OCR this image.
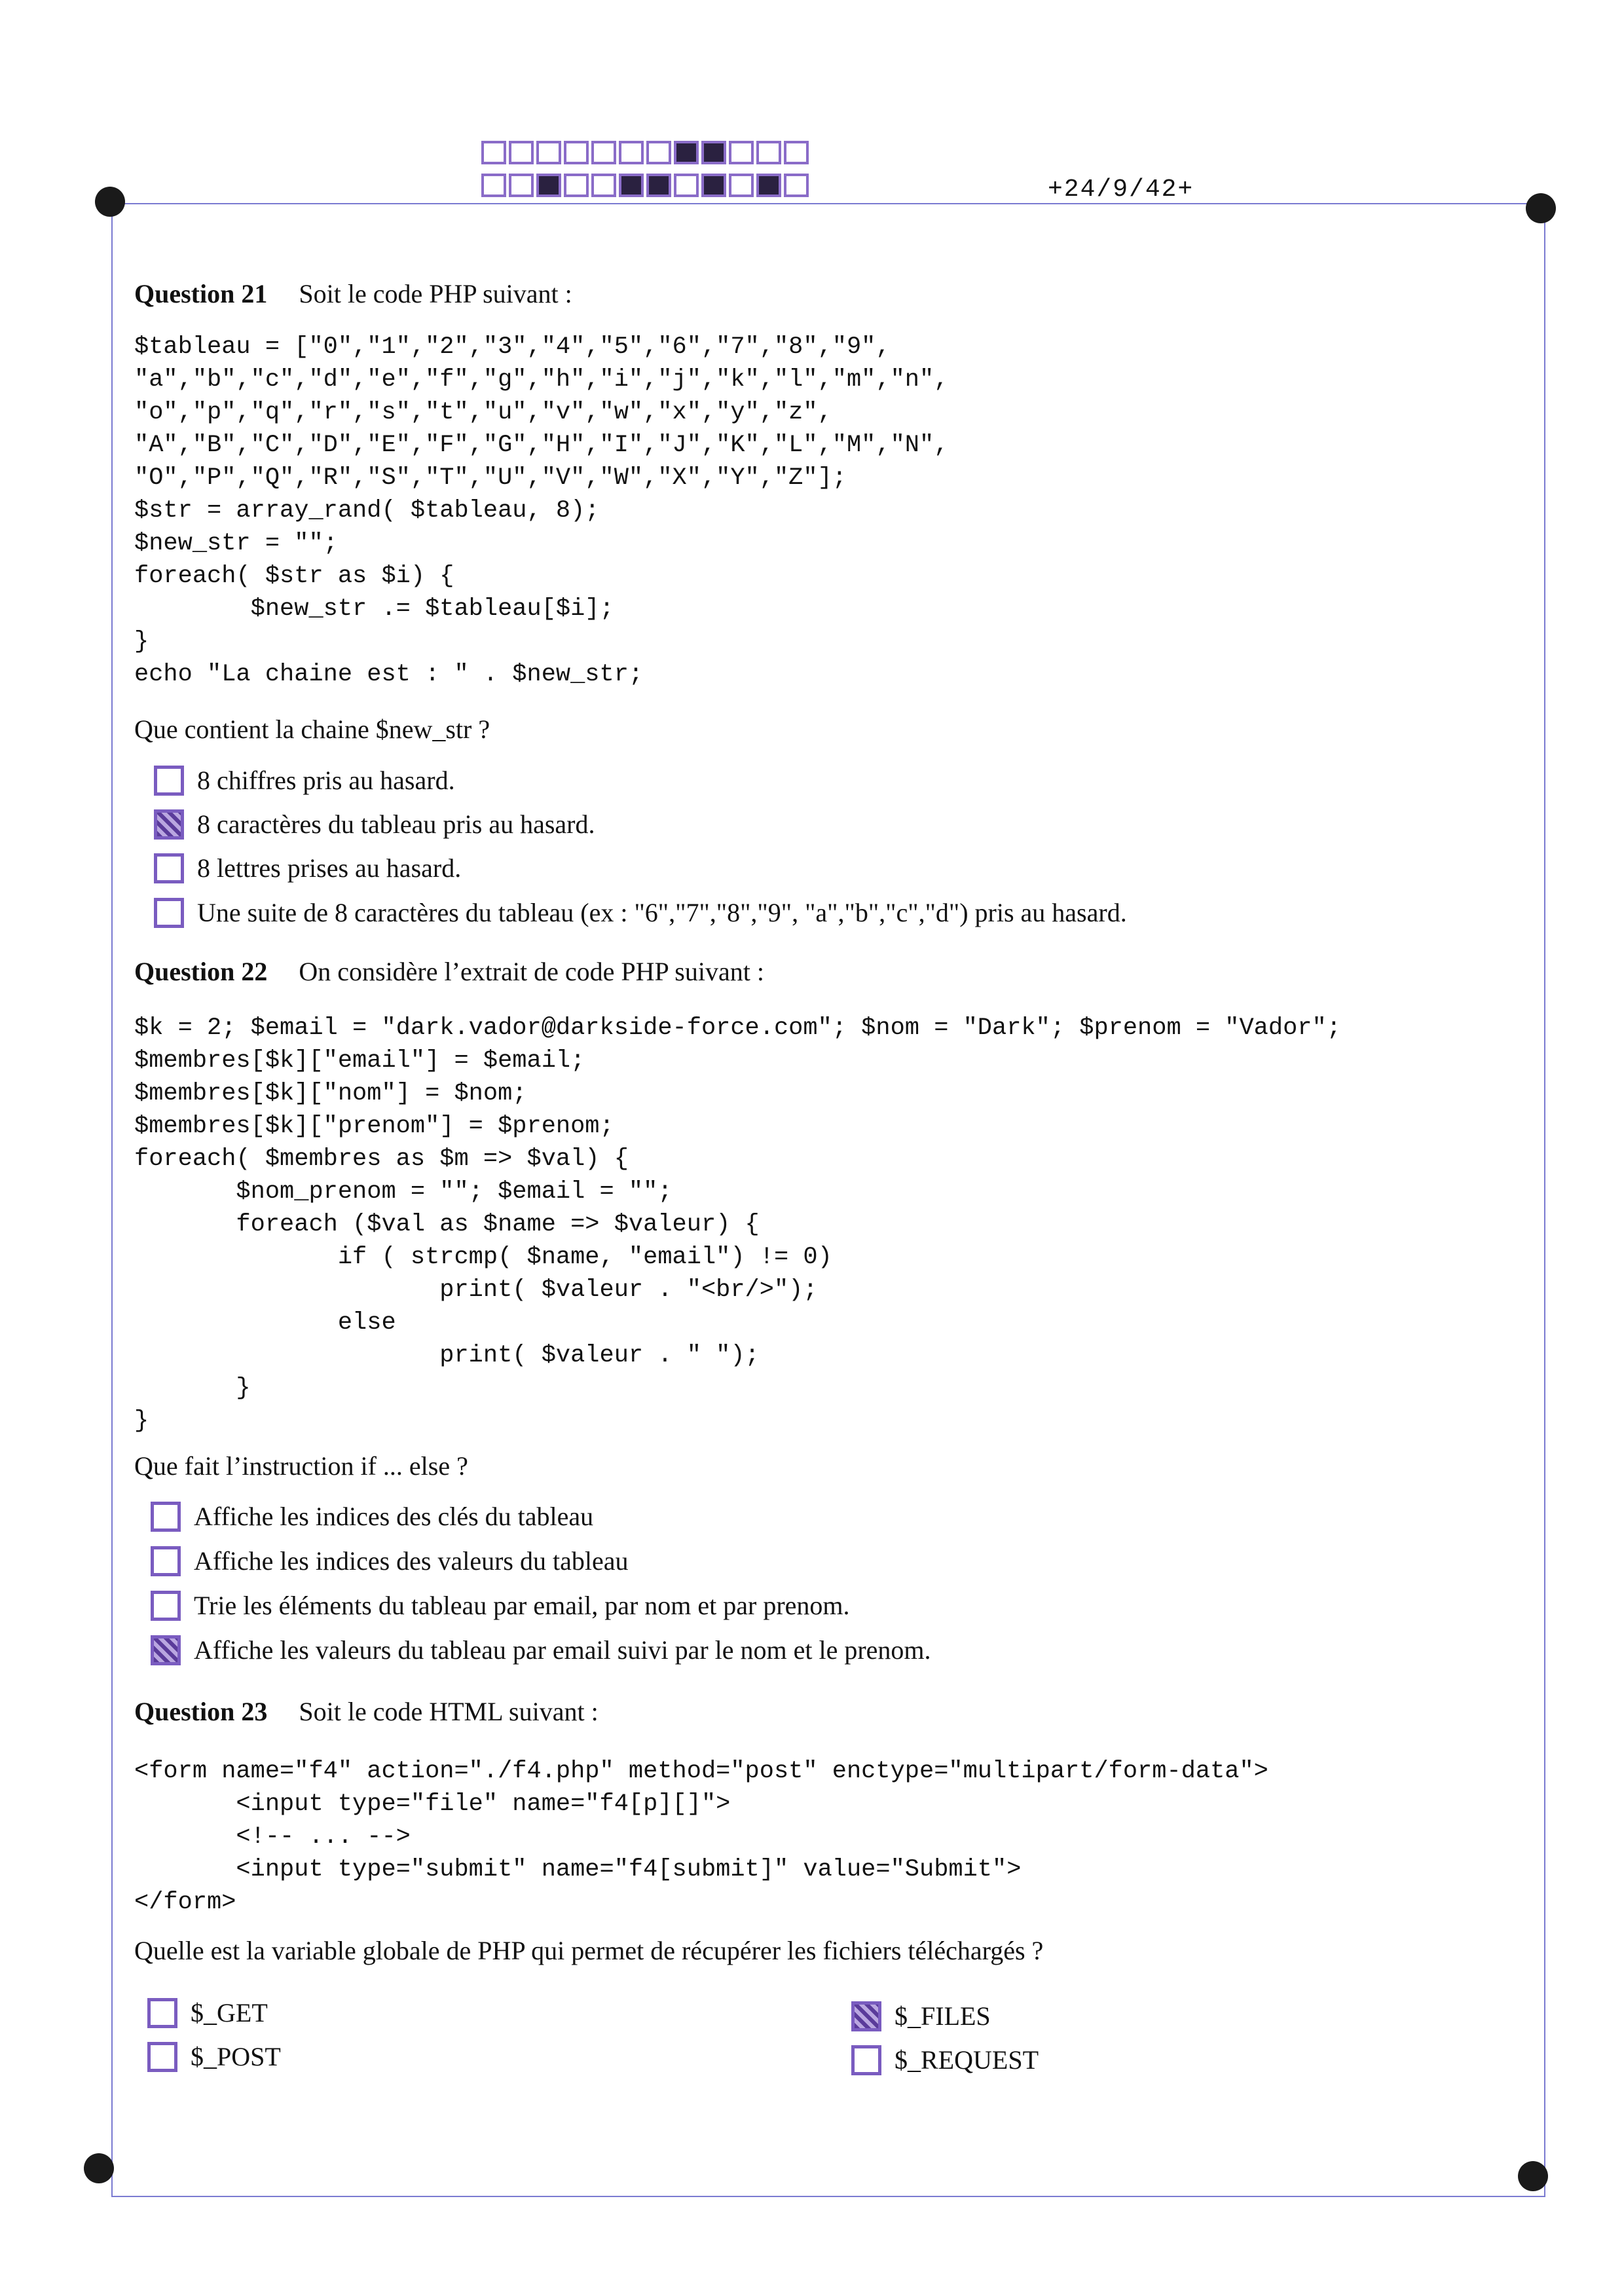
+24/9/42+
Question 21 Soit le code PHP suivant :
$tableau = ["0","1","2","3","4","5","6","7","8","9",
"a","b","c","d","e","f","g","h","i","j","k","l","m","n",
"o","p","q","r","s","t","u","v","w","x","y","z",
"A","B","C","D","E","F","G","H","I","J","K","L","M","N",
"O","P","Q","R","S","T","U","V","W","X","Y","Z"];
$str = array_rand( $tableau, 8);
$new_str = "";
foreach( $str as $i) {
$new_str .= $tableau[$i];
}
echo "La chaine est : " . $new_str;
Que contient la chaine $new_str ?
8 chiffres pris au hasard.
8 caractères du tableau pris au hasard.
8 lettres prises au hasard.
Une suite de 8 caractères du tableau (ex : "6","7","8","9", "a","b","c","d") pris au hasard.
Question 22 On considère l’extrait de code PHP suivant :
$k = 2; $email = "dark.vador@darkside-force.com"; $nom = "Dark"; $prenom = "Vador";
$membres[$k]["email"] = $email;
$membres[$k]["nom"] = $nom;
$membres[$k]["prenom"] = $prenom;
foreach( $membres as $m => $val) {
$nom_prenom = ""; $email = "";
foreach ($val as $name => $valeur) {
if ( strcmp( $name, "email") != 0)
print( $valeur . "<br/>");
else
print( $valeur . " ");
}
}
Que fait l’instruction if ... else ?
Affiche les indices des clés du tableau
Affiche les indices des valeurs du tableau
Trie les éléments du tableau par email, par nom et par prenom.
Affiche les valeurs du tableau par email suivi par le nom et le prenom.
Question 23 Soit le code HTML suivant :
<form name="f4" action="./f4.php" method="post" enctype="multipart/form-data">
<input type="file" name="f4[p][]">
<!-- ... -->
<input type="submit" name="f4[submit]" value="Submit">
</form>
Quelle est la variable globale de PHP qui permet de récupérer les fichiers téléchargés ?
$_GET
$_POST
$_FILES
$_REQUEST
